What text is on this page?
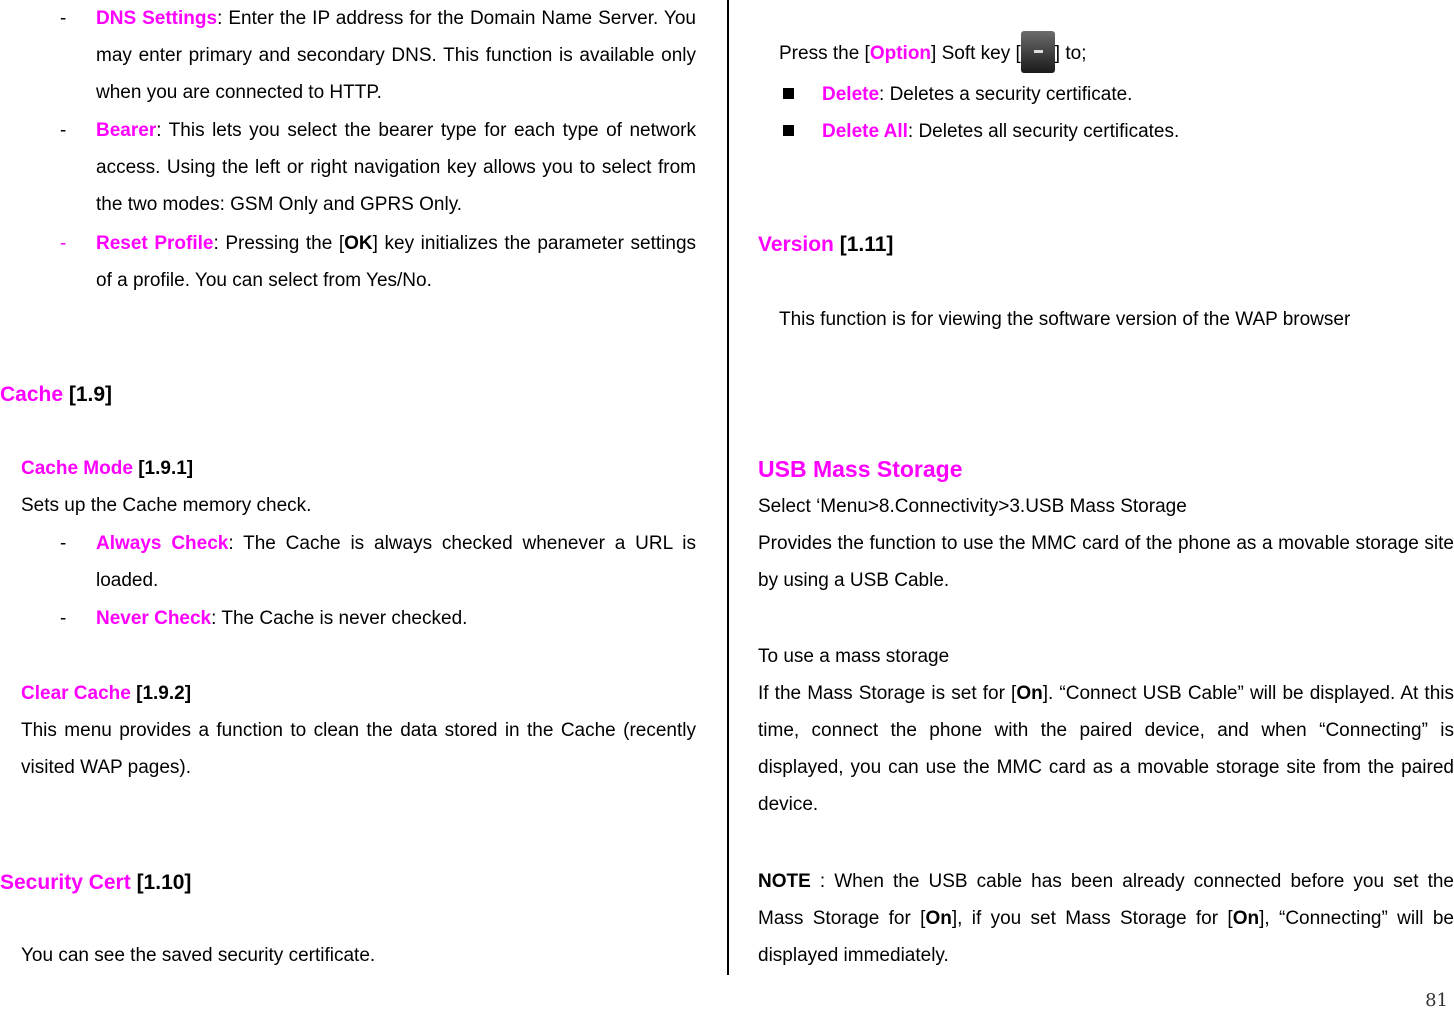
- DNS Settings: Enter the IP address for the Domain Name Server. You may enter primary and secondary DNS. This function is available only when you are connected to HTTP.
- Bearer: This lets you select the bearer type for each type of network access. Using the left or right navigation key allows you to select from the two modes: GSM Only and GPRS Only.
- Reset Profile: Pressing the [OK] key initializes the parameter settings of a profile. You can select from Yes/No.
Cache [1.9]
Cache Mode [1.9.1]
Sets up the Cache memory check.
- Always Check: The Cache is always checked whenever a URL is loaded.
- Never Check: The Cache is never checked.
Clear Cache [1.9.2]
This menu provides a function to clean the data stored in the Cache (recently visited WAP pages).
Security Cert [1.10]
You can see the saved security certificate.
Press the [Option] Soft key [ ] to;
Delete: Deletes a security certificate.
Delete All: Deletes all security certificates.
Version [1.11]
This function is for viewing the software version of the WAP browser
USB Mass Storage
Select ‘Menu>8.Connectivity>3.USB Mass Storage
Provides the function to use the MMC card of the phone as a movable storage site by using a USB Cable.
To use a mass storage
If the Mass Storage is set for [On]. “Connect USB Cable” will be displayed. At this time, connect the phone with the paired device, and when “Connecting” is displayed, you can use the MMC card as a movable storage site from the paired device.
NOTE : When the USB cable has been already connected before you set the Mass Storage for [On], if you set Mass Storage for [On], “Connecting” will be displayed immediately.
81
